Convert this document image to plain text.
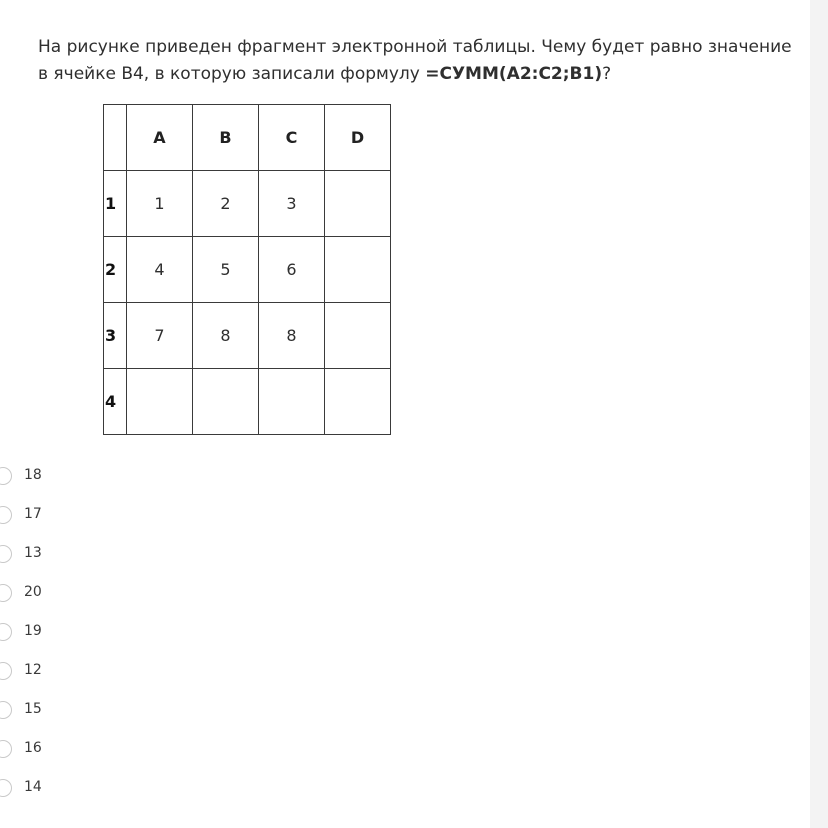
На рисунке приведен фрагмент электронной таблицы. Чему будет равно значение в ячейке B4, в которую записали формулу =СУММ(A2:C2;B1)?
	A	B	C	D
1	1	2	3	
2	4	5	6	
3	7	8	8	
4				
18
17
13
20
19
12
15
16
14
